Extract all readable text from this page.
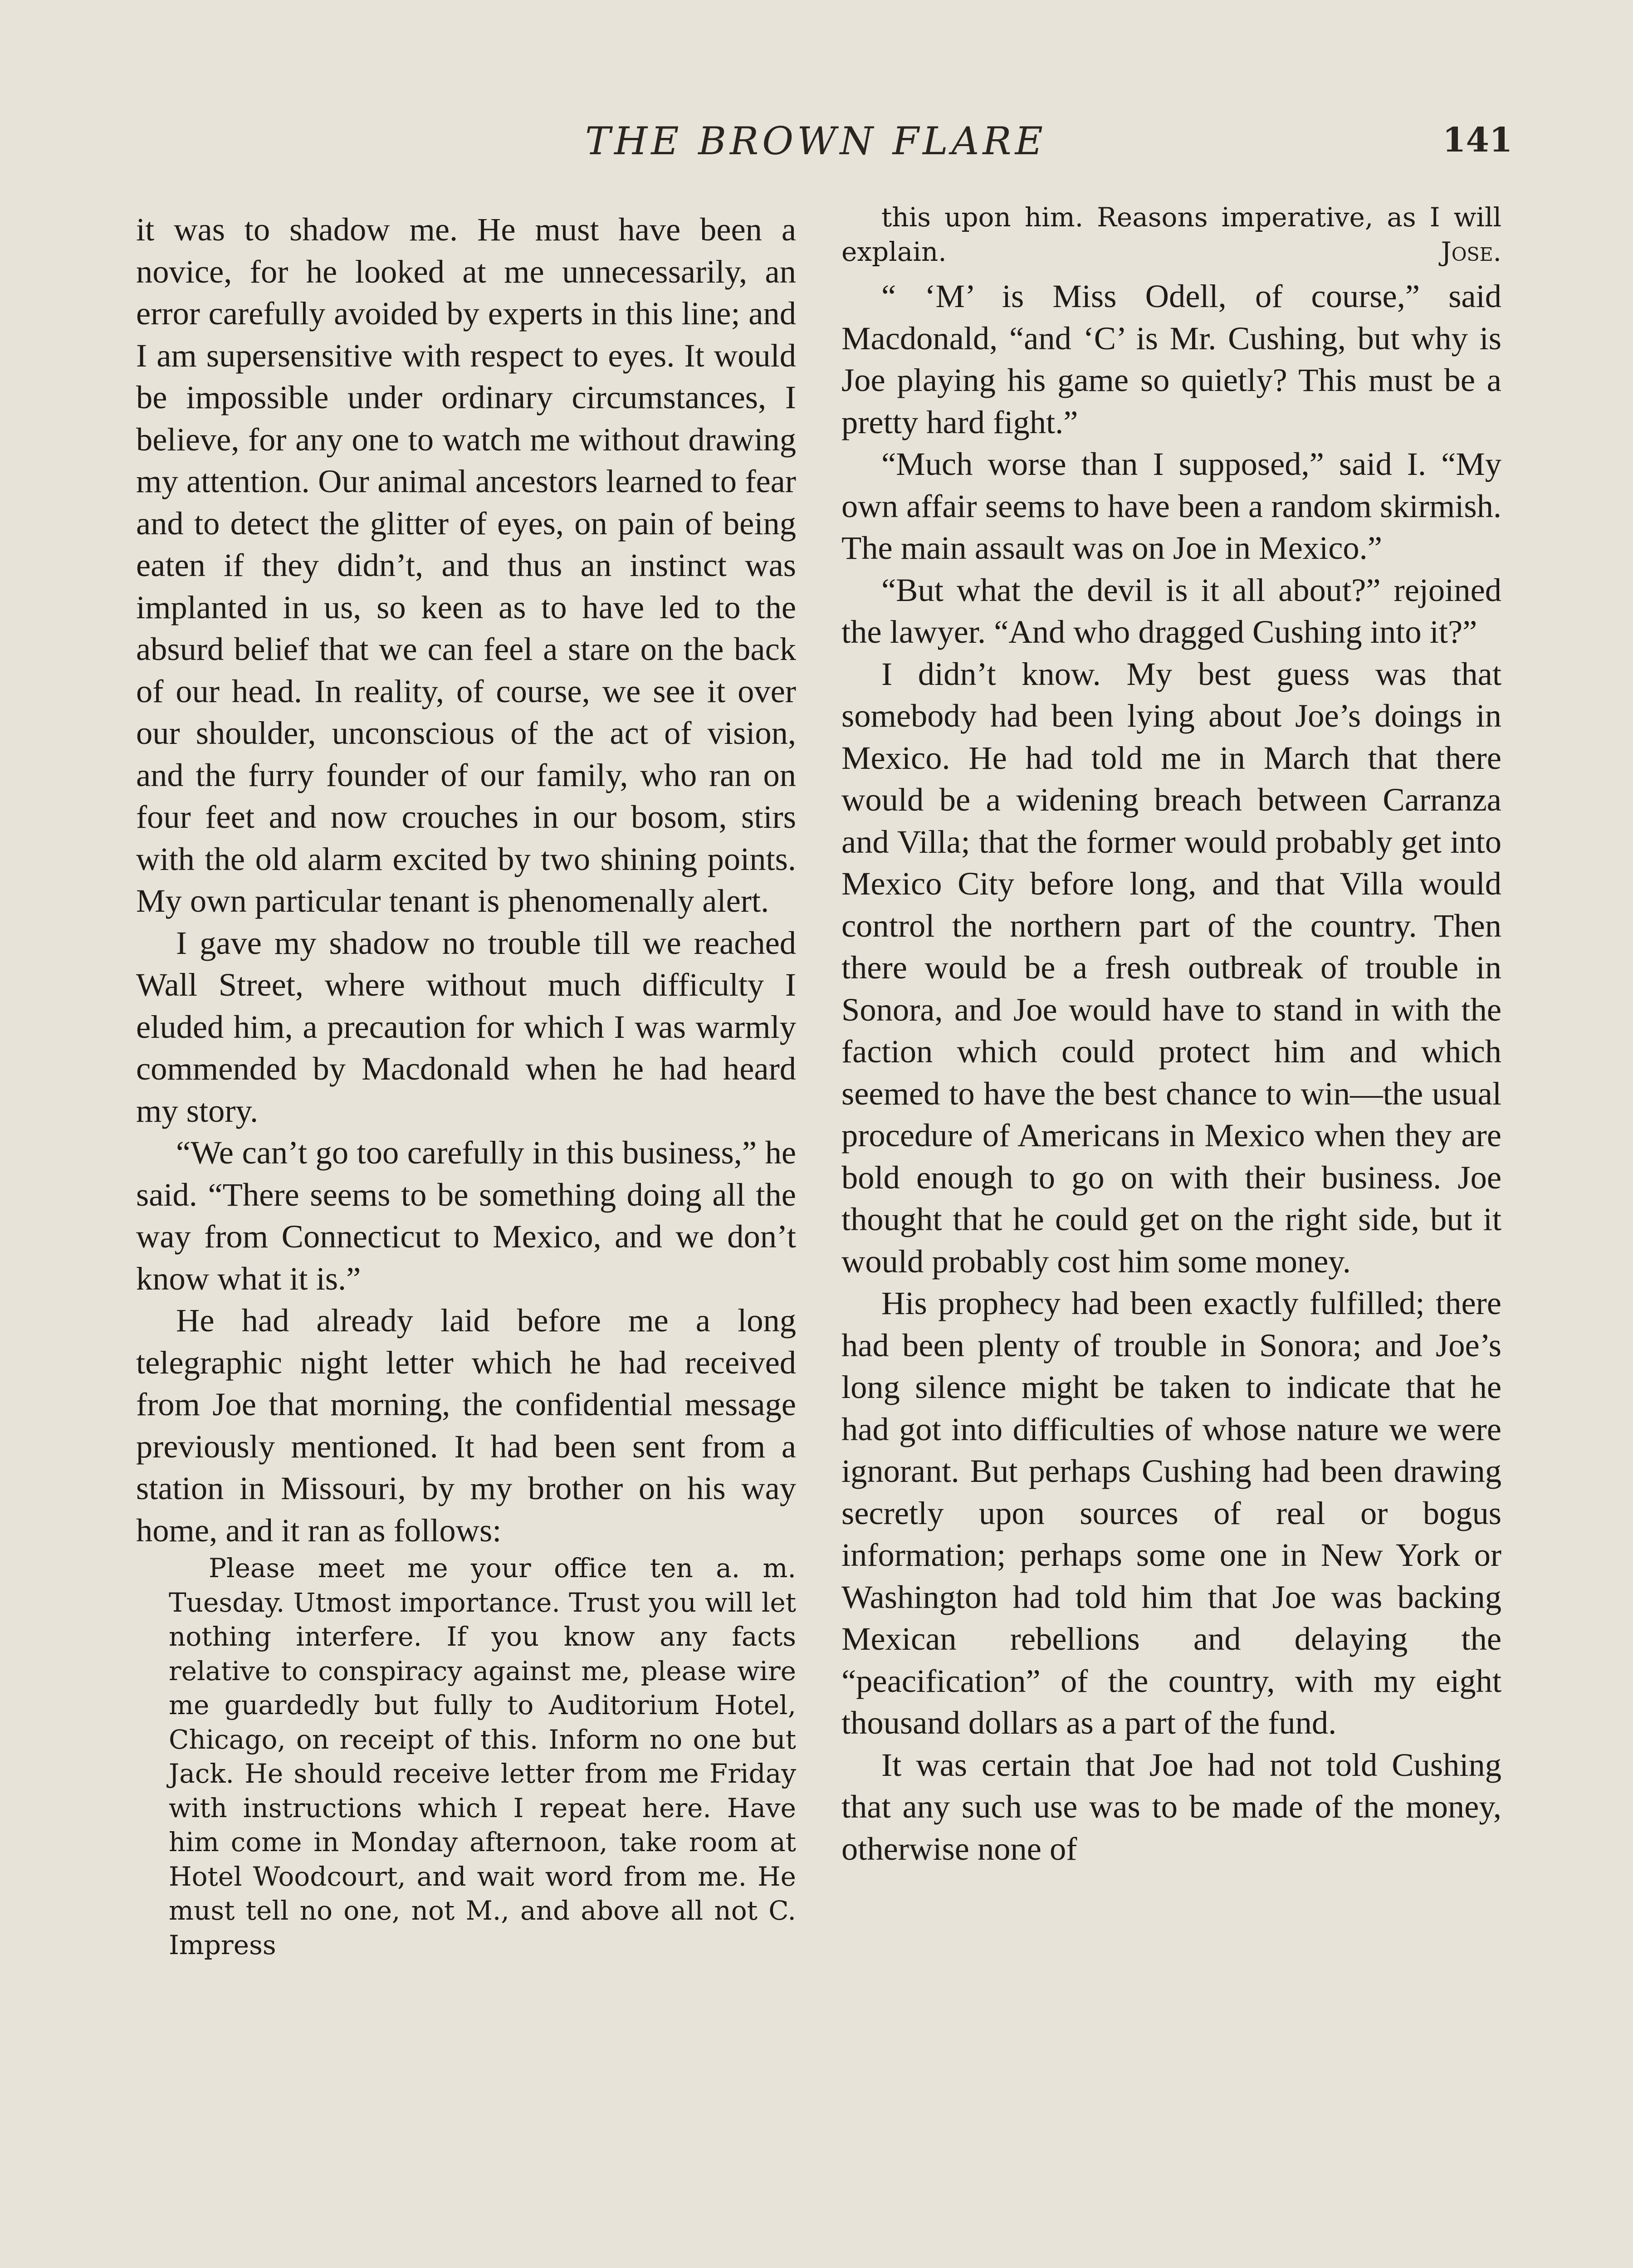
THE BROWN FLARE	141

it was to shadow me. He must have been a novice, for he looked at me unnecessarily, an error carefully avoided by experts in this line; and I am supersensitive with respect to eyes. It would be impossible under ordinary circumstances, I believe, for any one to watch me without drawing my attention. Our animal ancestors learned to fear and to detect the glitter of eyes, on pain of being eaten if they didn’t, and thus an instinct was implanted in us, so keen as to have led to the absurd belief that we can feel a stare on the back of our head. In reality, of course, we see it over our shoulder, unconscious of the act of vision, and the furry founder of our family, who ran on four feet and now crouches in our bosom, stirs with the old alarm excited by two shining points. My own particular tenant is phenomenally alert.

I gave my shadow no trouble till we reached Wall Street, where without much difficulty I eluded him, a precaution for which I was warmly commended by Macdonald when he had heard my story.

“We can’t go too carefully in this business,” he said. “There seems to be something doing all the way from Connecticut to Mexico, and we don’t know what it is.”

He had already laid before me a long telegraphic night letter which he had received from Joe that morning, the confidential message previously mentioned. It had been sent from a station in Missouri, by my brother on his way home, and it ran as follows:

Please meet me your office ten a. m. Tuesday. Utmost importance. Trust you will let nothing interfere. If you know any facts relative to conspiracy against me, please wire me guardedly but fully to Auditorium Hotel, Chicago, on receipt of this. Inform no one but Jack. He should receive letter from me Friday with instructions which I repeat here. Have him come in Monday afternoon, take room at Hotel Woodcourt, and wait word from me. He must tell no one, not M., and above all not C. Impress

this upon him. Reasons imperative, as I will explain.	Jose.

“ ‘M’ is Miss Odell, of course,” said Macdonald, “and ‘C’ is Mr. Cushing, but why is Joe playing his game so quietly? This must be a pretty hard fight.”

“Much worse than I supposed,” said I. “My own affair seems to have been a random skirmish. The main assault was on Joe in Mexico.”

“But what the devil is it all about?” rejoined the lawyer. “And who dragged Cushing into it?”

I didn’t know. My best guess was that somebody had been lying about Joe’s doings in Mexico. He had told me in March that there would be a widening breach between Carranza and Villa; that the former would probably get into Mexico City before long, and that Villa would control the northern part of the country. Then there would be a fresh outbreak of trouble in Sonora, and Joe would have to stand in with the faction which could protect him and which seemed to have the best chance to win—the usual procedure of Americans in Mexico when they are bold enough to go on with their business. Joe thought that he could get on the right side, but it would probably cost him some money.

His prophecy had been exactly fulfilled; there had been plenty of trouble in Sonora; and Joe’s long silence might be taken to indicate that he had got into difficulties of whose nature we were ignorant. But perhaps Cushing had been drawing secretly upon sources of real or bogus information; perhaps some one in New York or Washington had told him that Joe was backing Mexican rebellions and delaying the “peacification” of the country, with my eight thousand dollars as a part of the fund.

It was certain that Joe had not told Cushing that any such use was to be made of the money, otherwise none of
